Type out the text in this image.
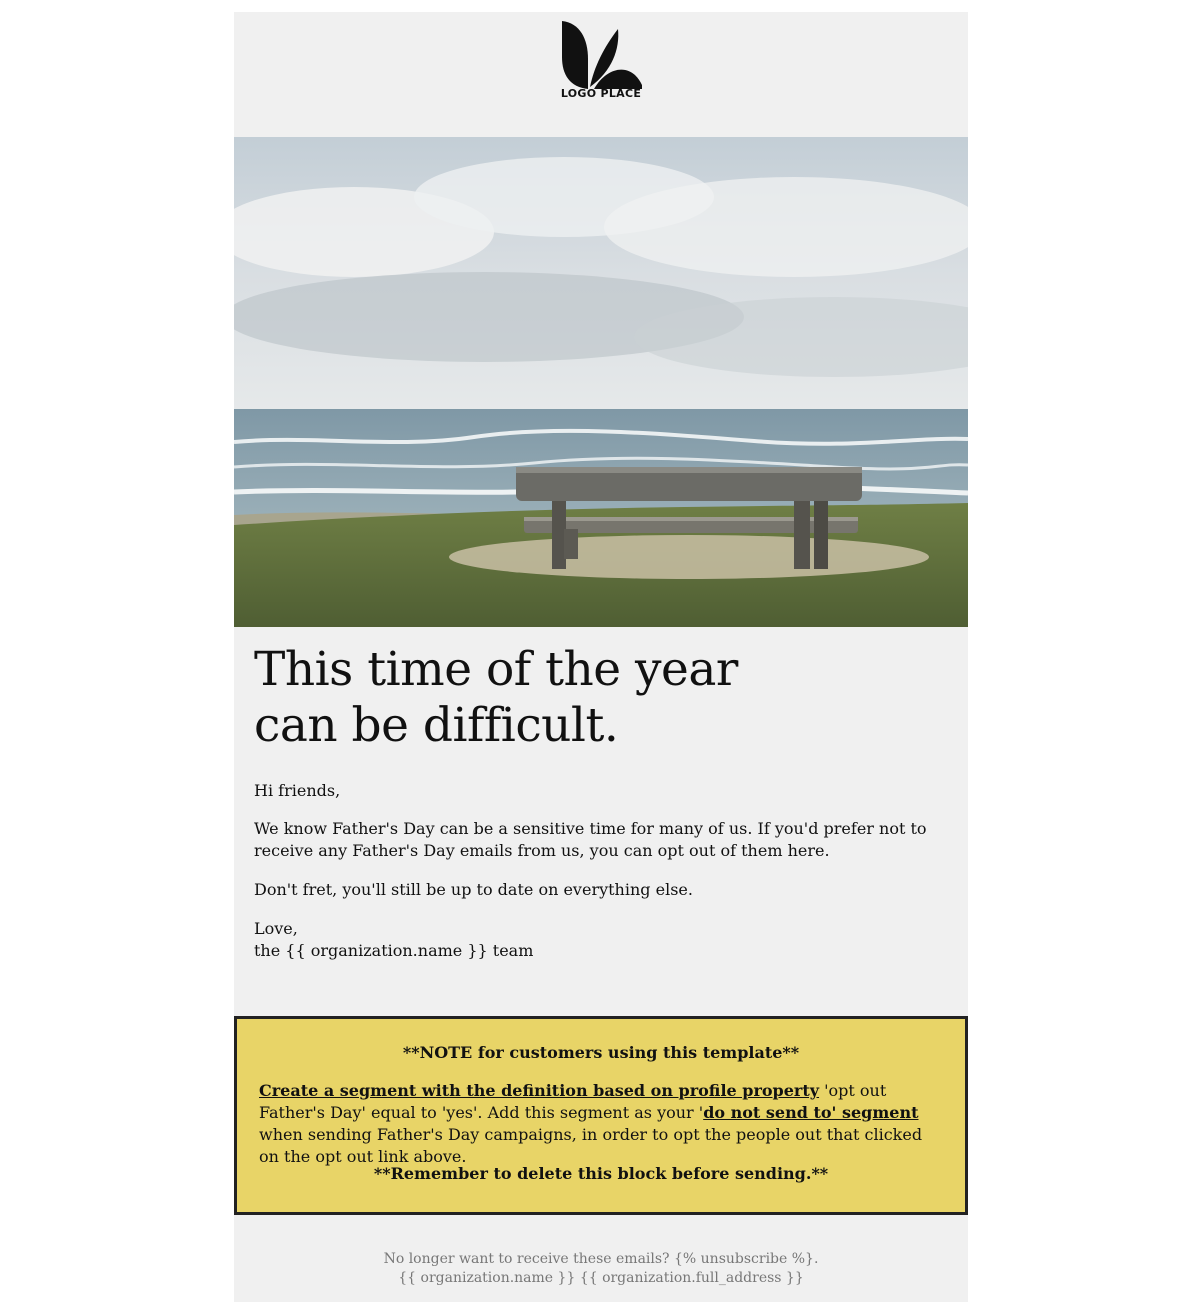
LOGO PLACE
This time of the year
can be difficult.

Hi friends,

We know Father's Day can be a sensitive time for many of us. If you'd prefer not to receive any Father's Day emails from us, you can opt out of them here.

Don't fret, you'll still be up to date on everything else.

Love,
the {{ organization.name }} team

**NOTE for customers using this template**
Create a segment with the definition based on profile property 'opt out Father's Day' equal to 'yes'. Add this segment as your 'do not send to' segment when sending Father's Day campaigns, in order to opt the people out that clicked on the opt out link above.
**Remember to delete this block before sending.**
No longer want to receive these emails? {% unsubscribe %}.
{{ organization.name }} {{ organization.full_address }}
